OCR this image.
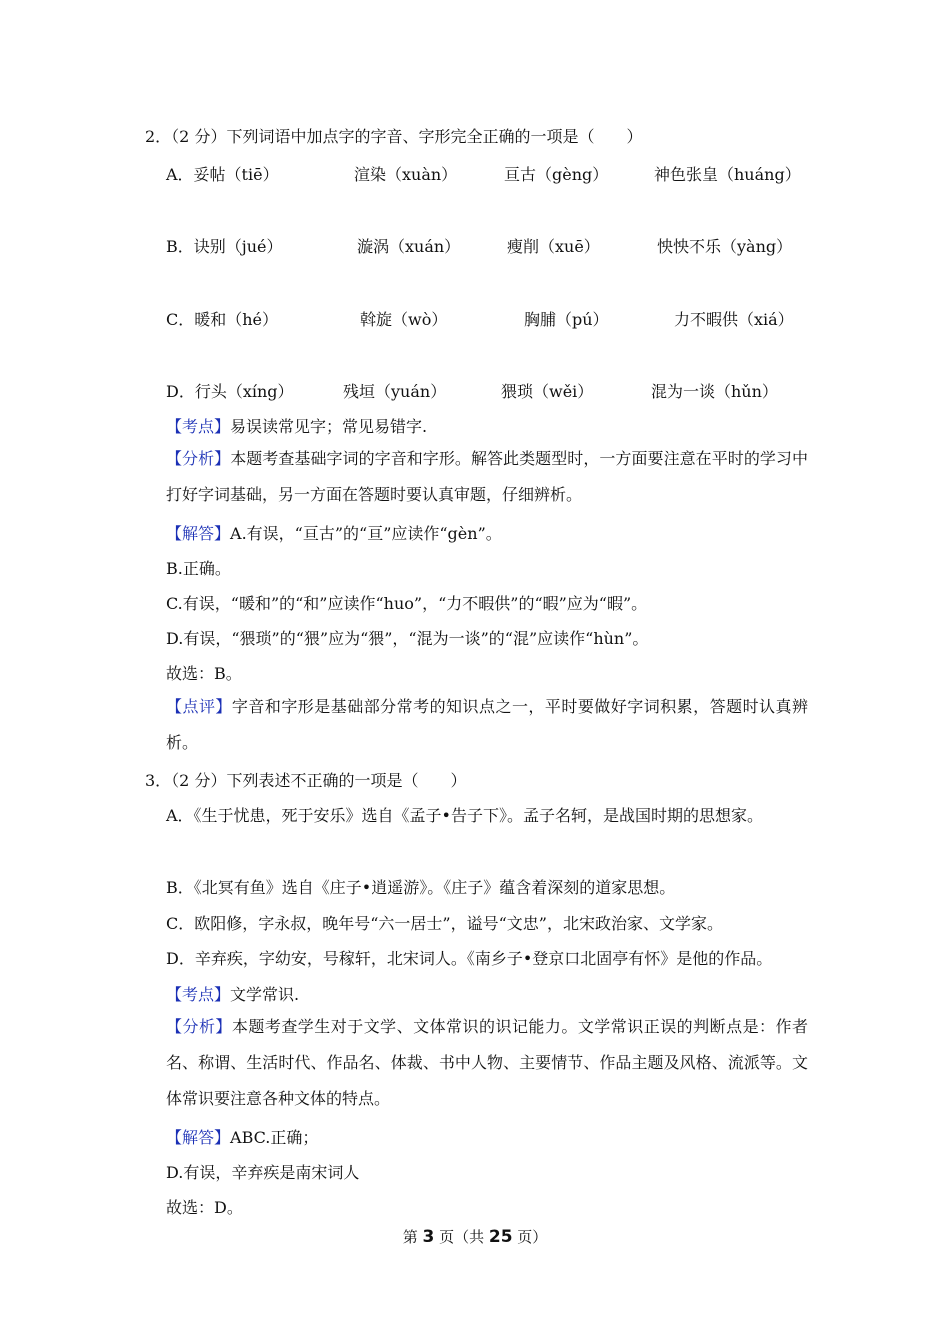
2．（2 分）下列词语中加点字的字音、字形完全正确的一项是（　　）
A．妥帖（tiē）	渲染（xuàn）	亘古（gèng）	神色张皇（huáng）
B．诀别（jué）	漩涡（xuán）	瘦削（xuē）	怏怏不乐（yàng）
C．暖和（hé）	斡旋（wò）	胸脯（pú）	力不暇供（xiá）
D．行头（xíng）	残垣（yuán）	猥琐（wěi）	混为一谈（hǔn）
【考点】易误读常见字；常见易错字.
【分析】本题考查基础字词的字音和字形。解答此类题型时，一方面要注意在平时的学习中打好字词基础，另一方面在答题时要认真审题，仔细辨析。
【解答】A.有误，“亘古”的“亘”应读作“gèn”。
B.正确。
C.有误，“暖和”的“和”应读作“huo”，“力不暇供”的“暇”应为“暇”。
D.有误，“猥琐”的“猥”应为“猥”，“混为一谈”的“混”应读作“hùn”。
故选：B。
【点评】字音和字形是基础部分常考的知识点之一，平时要做好字词积累，答题时认真辨析。
3．（2 分）下列表述不正确的一项是（　　）
A．《生于忧患，死于安乐》选自《孟子•告子下》。孟子名轲，是战国时期的思想家。
B．《北冥有鱼》选自《庄子•逍遥游》。《庄子》蕴含着深刻的道家思想。
C．欧阳修，字永叔，晚年号“六一居士”，谥号“文忠”，北宋政治家、文学家。
D．辛弃疾，字幼安，号稼轩，北宋词人。《南乡子•登京口北固亭有怀》是他的作品。
【考点】文学常识.
【分析】本题考查学生对于文学、文体常识的识记能力。文学常识正误的判断点是：作者名、称谓、生活时代、作品名、体裁、书中人物、主要情节、作品主题及风格、流派等。文体常识要注意各种文体的特点。
【解答】ABC.正确；
D.有误，辛弃疾是南宋词人
故选：D。
第 3 页（共 25 页）
